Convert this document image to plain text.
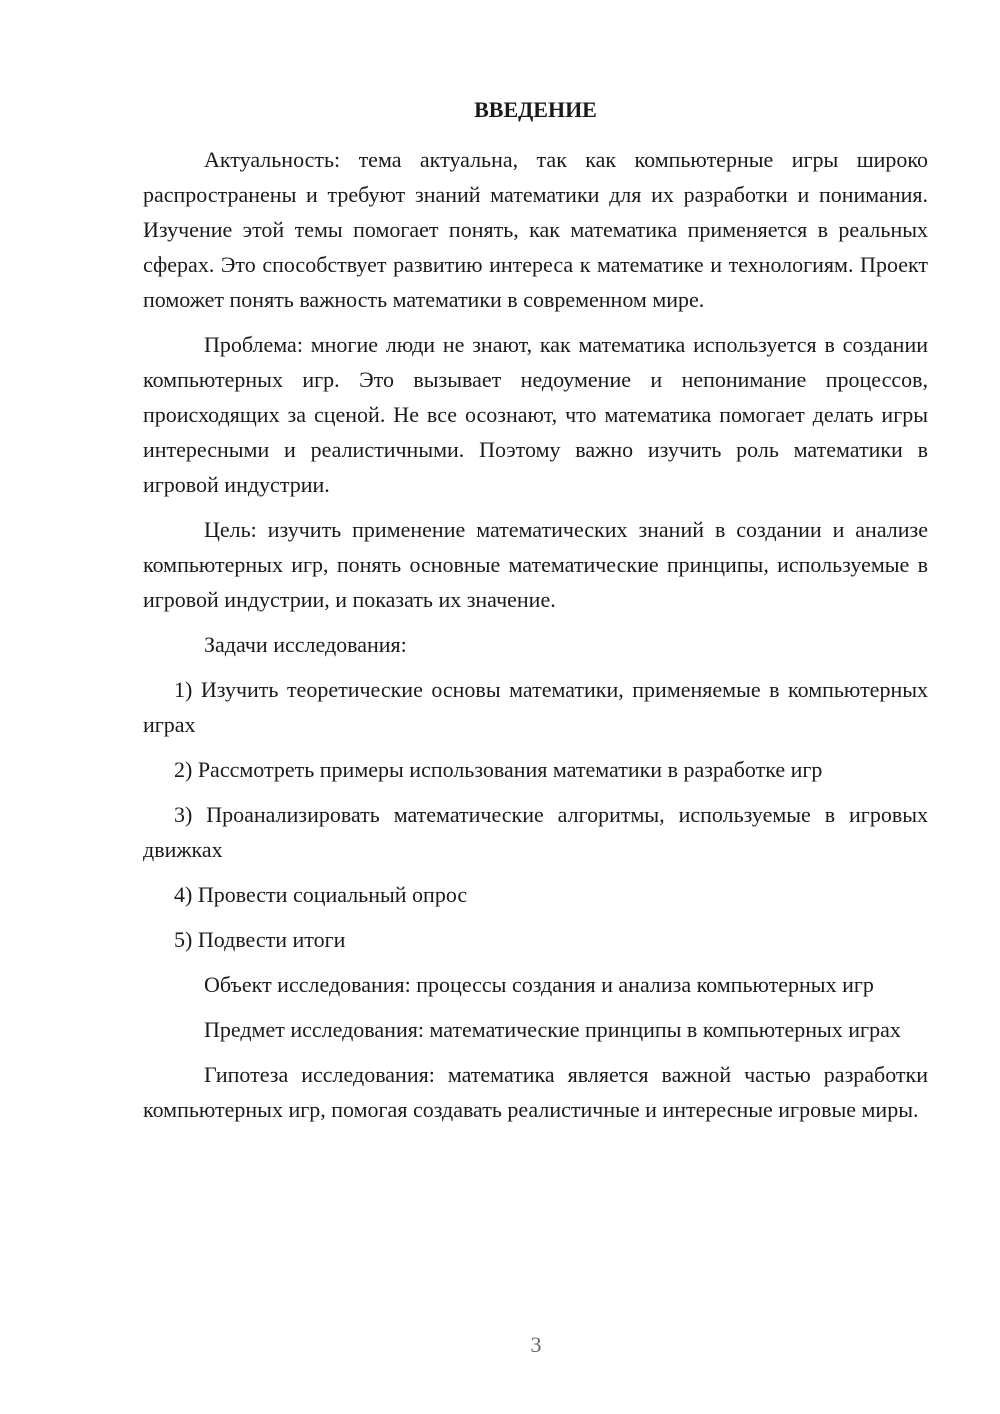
ВВЕДЕНИЕ

Актуальность: тема актуальна, так как компьютерные игры широко распространены и требуют знаний математики для их разработки и понимания. Изучение этой темы помогает понять, как математика применяется в реальных сферах. Это способствует развитию интереса к математике и технологиям. Проект поможет понять важность математики в современном мире.

Проблема: многие люди не знают, как математика используется в создании компьютерных игр. Это вызывает недоумение и непонимание процессов, происходящих за сценой. Не все осознают, что математика помогает делать игры интересными и реалистичными. Поэтому важно изучить роль математики в игровой индустрии.

Цель: изучить применение математических знаний в создании и анализе компьютерных игр, понять основные математические принципы, используемые в игровой индустрии, и показать их значение.

Задачи исследования:

1) Изучить теоретические основы математики, применяемые в компьютерных играх

2) Рассмотреть примеры использования математики в разработке игр

3) Проанализировать математические алгоритмы, используемые в игровых движках

4) Провести социальный опрос

5) Подвести итоги

Объект исследования: процессы создания и анализа компьютерных игр

Предмет исследования: математические принципы в компьютерных играх

Гипотеза исследования: математика является важной частью разработки компьютерных игр, помогая создавать реалистичные и интересные игровые миры.

3
